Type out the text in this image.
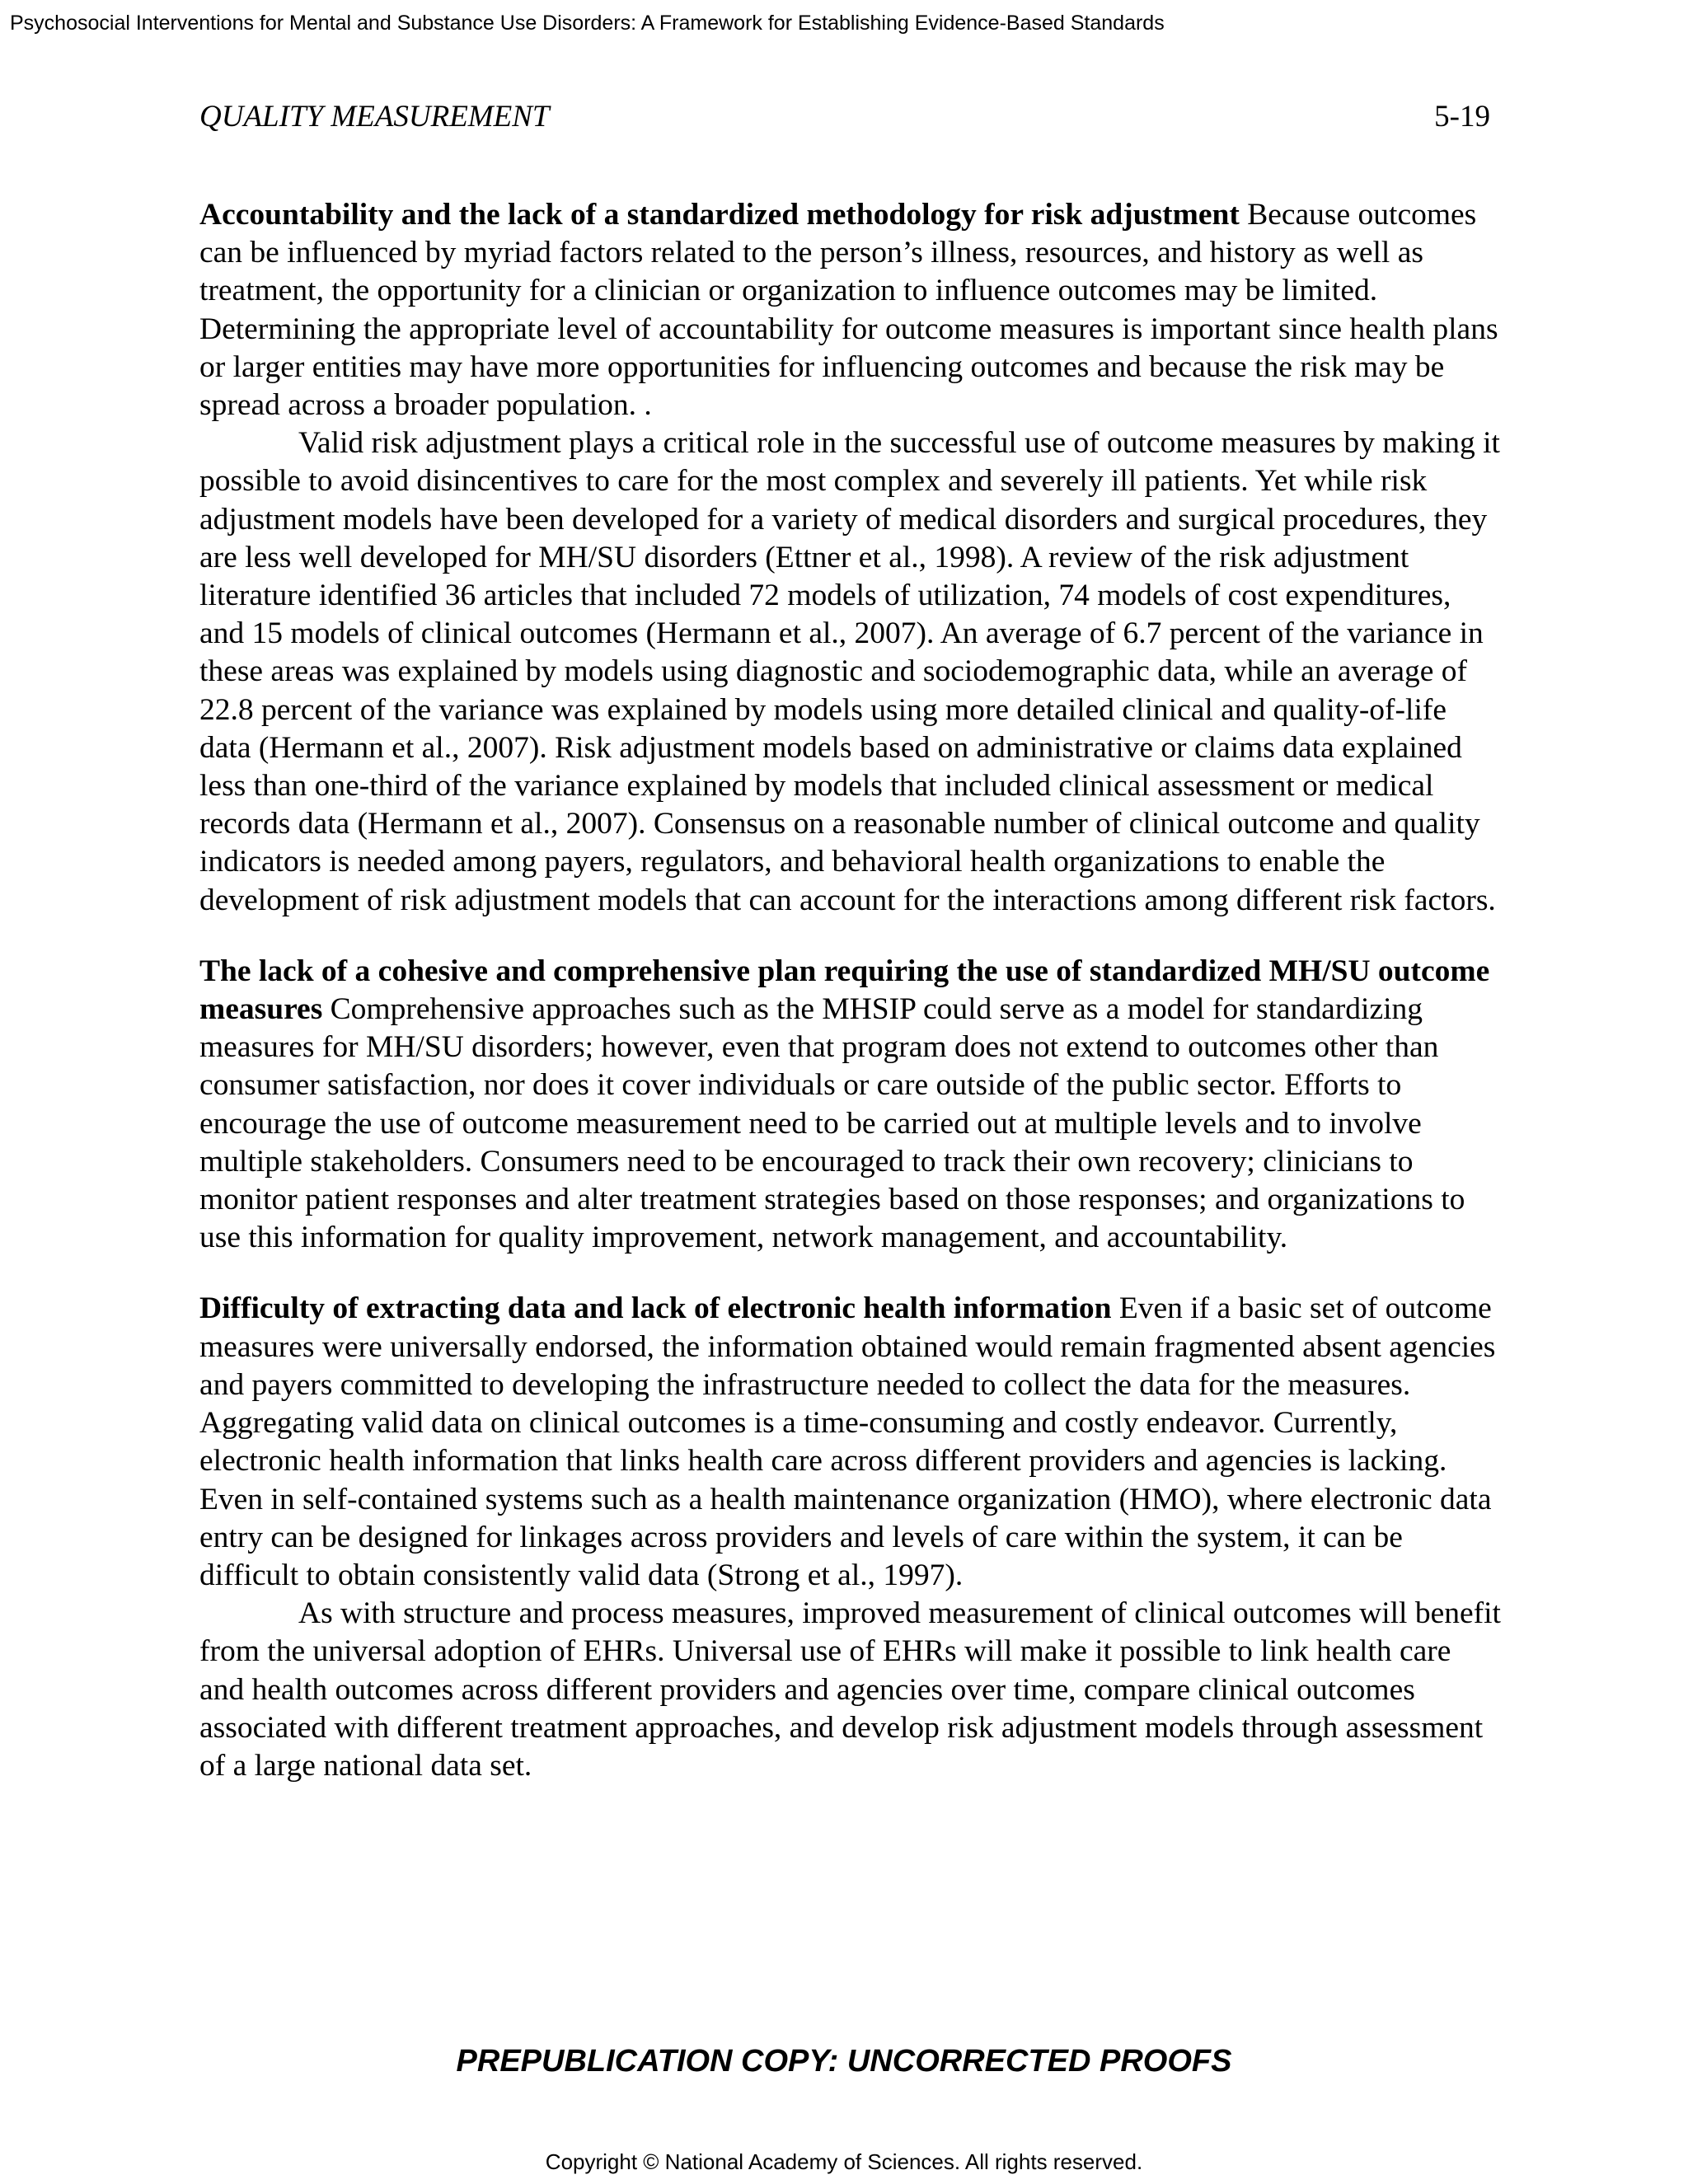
Psychosocial Interventions for Mental and Substance Use Disorders: A Framework for Establishing Evidence-Based Standards
QUALITY MEASUREMENT	5-19

Accountability and the lack of a standardized methodology for risk adjustment Because outcomes can be influenced by myriad factors related to the person’s illness, resources, and history as well as treatment, the opportunity for a clinician or organization to influence outcomes may be limited. Determining the appropriate level of accountability for outcome measures is important since health plans or larger entities may have more opportunities for influencing outcomes and because the risk may be spread across a broader population. .

Valid risk adjustment plays a critical role in the successful use of outcome measures by making it possible to avoid disincentives to care for the most complex and severely ill patients. Yet while risk adjustment models have been developed for a variety of medical disorders and surgical procedures, they are less well developed for MH/SU disorders (Ettner et al., 1998). A review of the risk adjustment literature identified 36 articles that included 72 models of utilization, 74 models of cost expenditures, and 15 models of clinical outcomes (Hermann et al., 2007). An average of 6.7 percent of the variance in these areas was explained by models using diagnostic and sociodemographic data, while an average of 22.8 percent of the variance was explained by models using more detailed clinical and quality-of-life data (Hermann et al., 2007). Risk adjustment models based on administrative or claims data explained less than one-third of the variance explained by models that included clinical assessment or medical records data (Hermann et al., 2007). Consensus on a reasonable number of clinical outcome and quality indicators is needed among payers, regulators, and behavioral health organizations to enable the development of risk adjustment models that can account for the interactions among different risk factors.

The lack of a cohesive and comprehensive plan requiring the use of standardized MH/SU outcome measures Comprehensive approaches such as the MHSIP could serve as a model for standardizing measures for MH/SU disorders; however, even that program does not extend to outcomes other than consumer satisfaction, nor does it cover individuals or care outside of the public sector. Efforts to encourage the use of outcome measurement need to be carried out at multiple levels and to involve multiple stakeholders. Consumers need to be encouraged to track their own recovery; clinicians to monitor patient responses and alter treatment strategies based on those responses; and organizations to use this information for quality improvement, network management, and accountability.

Difficulty of extracting data and lack of electronic health information Even if a basic set of outcome measures were universally endorsed, the information obtained would remain fragmented absent agencies and payers committed to developing the infrastructure needed to collect the data for the measures. Aggregating valid data on clinical outcomes is a time-consuming and costly endeavor. Currently, electronic health information that links health care across different providers and agencies is lacking. Even in self-contained systems such as a health maintenance organization (HMO), where electronic data entry can be designed for linkages across providers and levels of care within the system, it can be difficult to obtain consistently valid data (Strong et al., 1997).

As with structure and process measures, improved measurement of clinical outcomes will benefit from the universal adoption of EHRs. Universal use of EHRs will make it possible to link health care and health outcomes across different providers and agencies over time, compare clinical outcomes associated with different treatment approaches, and develop risk adjustment models through assessment of a large national data set.

PREPUBLICATION COPY: UNCORRECTED PROOFS
Copyright © National Academy of Sciences. All rights reserved.
